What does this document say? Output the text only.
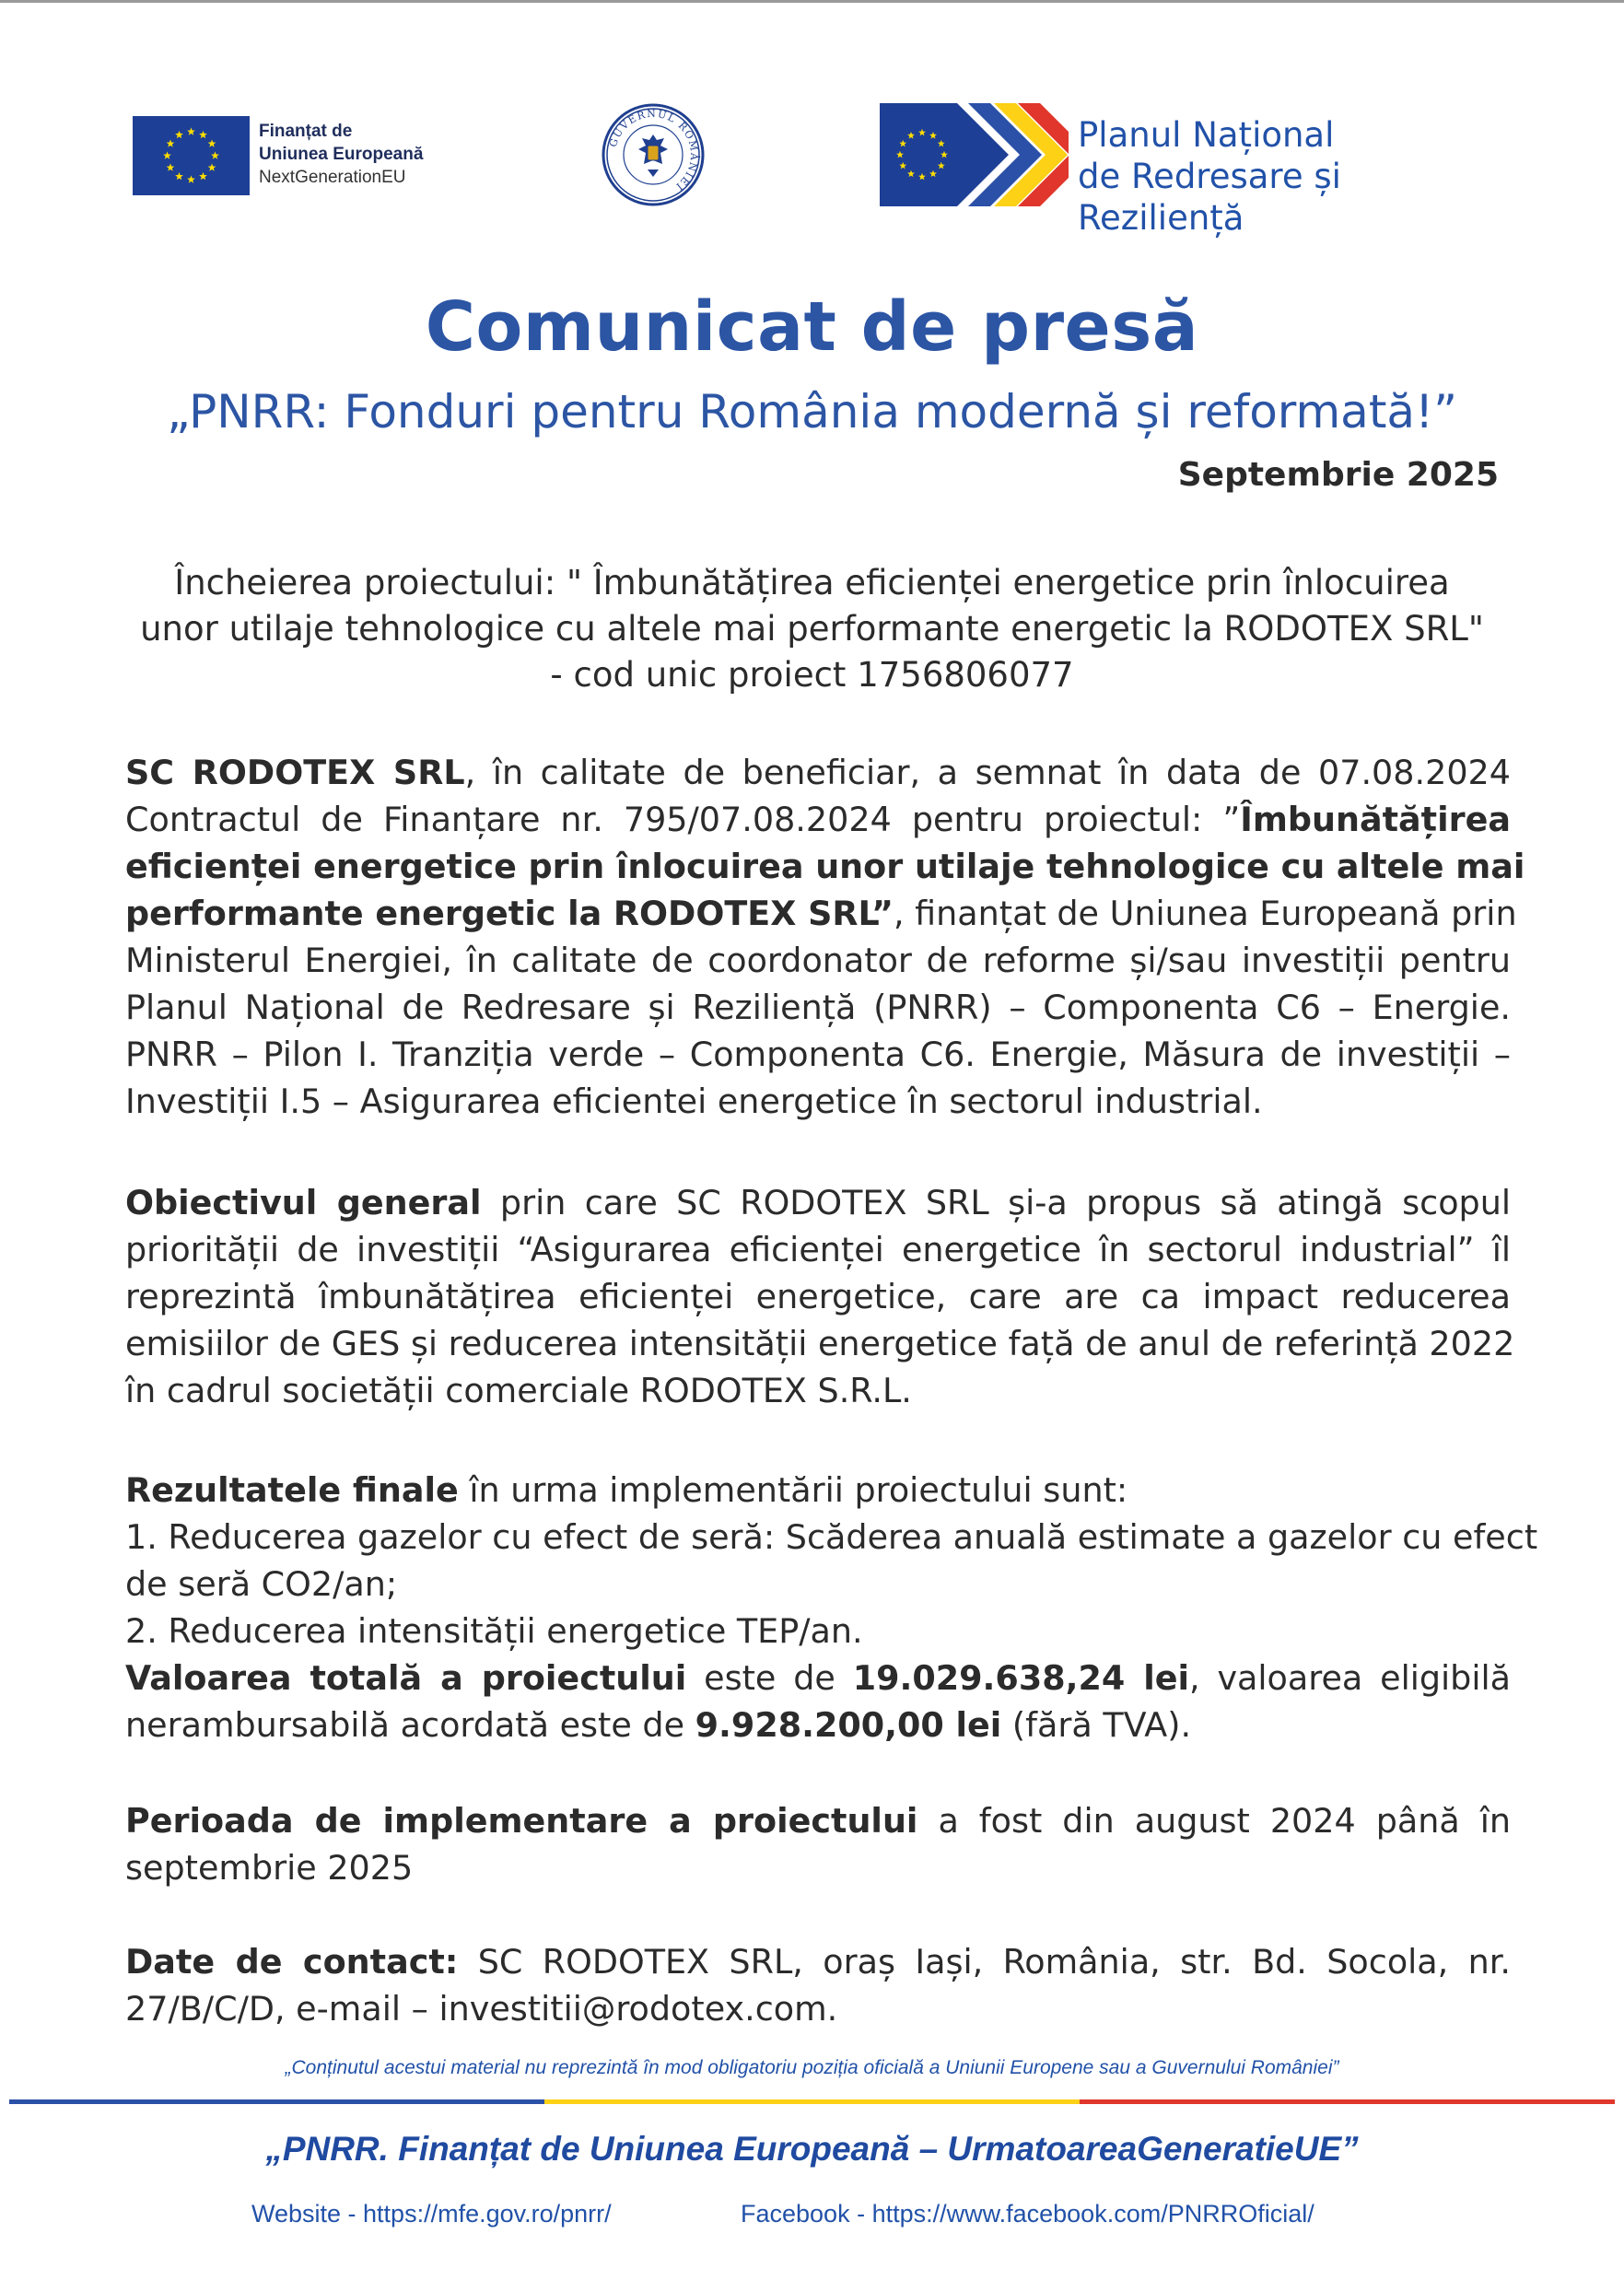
Finanțat de
Uniunea Europeană
NextGenerationEU
GUVERNUL ROMÂNIEI
Planul Național
de Redresare și Reziliență
Comunicat de presă
„PNRR: Fonduri pentru România modernă și reformată!”
Septembrie 2025
Încheierea proiectului: " Îmbunătățirea eficienței energetice prin înlocuirea
unor utilaje tehnologice cu altele mai performante energetic la RODOTEX SRL"
- cod unic proiect 1756806077
SC RODOTEX SRL, în calitate de beneficiar, a semnat în data de 07.08.2024
Contractul de Finanțare nr. 795/07.08.2024 pentru proiectul: ”Îmbunătățirea
eficienței energetice prin înlocuirea unor utilaje tehnologice cu altele mai
performante energetic la RODOTEX SRL”, finanțat de Uniunea Europeană prin
Ministerul Energiei, în calitate de coordonator de reforme și/sau investiții pentru
Planul Național de Redresare și Reziliență (PNRR) – Componenta C6 – Energie.
PNRR – Pilon I. Tranziția verde – Componenta C6. Energie, Măsura de investiții –
Investiții I.5 – Asigurarea eficientei energetice în sectorul industrial.
Obiectivul general prin care SC RODOTEX SRL și-a propus să atingă scopul
priorității de investiții “Asigurarea eficienței energetice în sectorul industrial” îl
reprezintă îmbunătățirea eficienței energetice, care are ca impact reducerea
emisiilor de GES și reducerea intensității energetice față de anul de referință 2022
în cadrul societății comerciale RODOTEX S.R.L.
Rezultatele finale în urma implementării proiectului sunt:
1. Reducerea gazelor cu efect de seră: Scăderea anuală estimate a gazelor cu efect
de seră CO2/an;
2. Reducerea intensității energetice TEP/an.
Valoarea totală a proiectului este de 19.029.638,24 lei, valoarea eligibilă
nerambursabilă acordată este de 9.928.200,00 lei (fără TVA).
Perioada de implementare a proiectului a fost din august 2024 până în
septembrie 2025
Date de contact: SC RODOTEX SRL, oraș Iași, România, str. Bd. Socola, nr.
27/B/C/D, e-mail – investitii@rodotex.com.
„Conținutul acestui material nu reprezintă în mod obligatoriu poziția oficială a Uniunii Europene sau a Guvernului României”
„PNRR. Finanțat de Uniunea Europeană – UrmatoareaGeneratieUE”
Website - https://mfe.gov.ro/pnrr/	Facebook - https://www.facebook.com/PNRROficial/
